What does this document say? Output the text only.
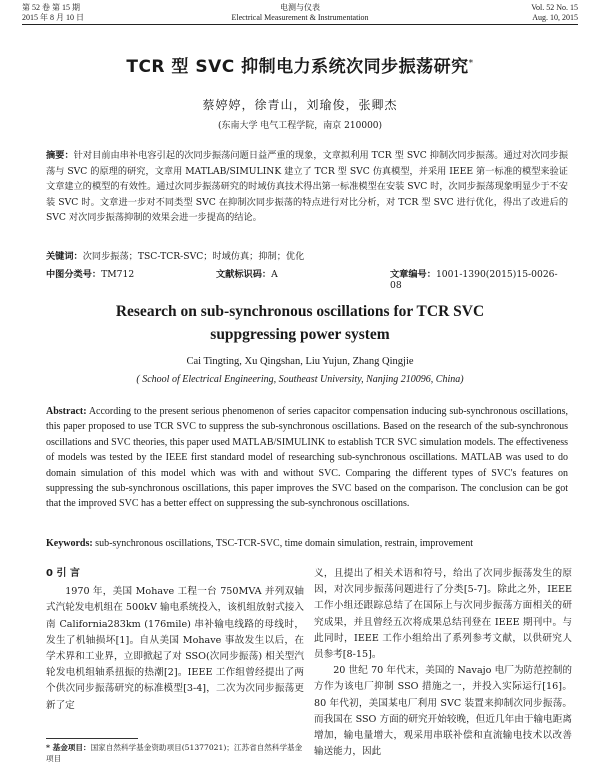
第 52 卷 第 15 期
2015 年 8 月 10 日
电测与仪表
Electrical Measurement & Instrumentation
Vol. 52 No. 15
Aug. 10, 2015
TCR 型 SVC 抑制电力系统次同步振荡研究*
蔡婷婷，徐青山，刘瑜俊，张卿杰
(东南大学 电气工程学院，南京 210000)
摘要：针对目前由串补电容引起的次同步振荡问题日益严重的现象，文章拟利用 TCR 型 SVC 抑制次同步振荡。通过对次同步振荡与 SVC 的原理的研究，文章用 MATLAB/SIMULINK 建立了 TCR 型 SVC 仿真模型，并采用 IEEE 第一标准的模型来验证文章建立的模型的有效性。通过次同步振荡研究的时域仿真技术得出第一标准模型在安装 SVC 时，次同步振荡现象明显少于不安装 SVC 时。文章进一步对不同类型 SVC 在抑制次同步振荡的特点进行对比分析，对 TCR 型 SVC 进行优化，得出了改进后的 SVC 对次同步振荡抑制的效果会进一步提高的结论。
关键词：次同步振荡；TSC-TCR-SVC；时域仿真；抑制；优化
中图分类号：TM712	文献标识码：A	文章编号：1001-1390(2015)15-0026-08
Research on sub-synchronous oscillations for TCR SVC
suppgressing power system
Cai Tingting, Xu Qingshan, Liu Yujun, Zhang Qingjie
( School of Electrical Engineering, Southeast University, Nanjing 210096, China)
Abstract: According to the present serious phenomenon of series capacitor compensation inducing sub-synchronous oscillations, this paper proposed to use TCR SVC to suppress the sub-synchronous oscillations. Based on the research of the sub-synchronous oscillations and SVC theories, this paper used MATLAB/SIMULINK to establish TCR SVC simulation models. The effectiveness of models was tested by the IEEE first standard model of researching sub-synchronous oscillations. MATLAB was used to do domain simulation of this model which was with and without SVC. Comparing the different types of SVC's features on suppressing the sub-synchronous oscillations, this paper improves the SVC based on the comparison. The conclusion can be got that the improved SVC has a better effect on suppressing the sub-synchronous oscillations.
Keywords: sub-synchronous oscillations, TSC-TCR-SVC, time domain simulation, restrain, improvement
0 引 言

1970 年，美国 Mohave 工程一台 750MVA 并列双轴式汽轮发电机组在 500kV 输电系统投入，该机组放射式接入南 California283km (176mile) 串补输电线路的母线时，发生了机轴损坏[1]。自从美国 Mohave 事故发生以后，在学术界和工业界，立即掀起了对 SSO(次同步振荡) 相关型汽轮发电机组轴系扭振的热潮[2]。IEEE 工作组曾经提出了两个供次同步振荡研究的标准模型[3-4]，二次为次同步振荡更新了定

义，且提出了相关术语和符号，给出了次同步振荡发生的原因，对次同步振荡问题进行了分类[5-7]。除此之外，IEEE 工作小组还跟踪总结了在国际上与次同步振荡方面相关的研究成果，并且曾经五次将成果总结刊登在 IEEE 期刊中。与此同时，IEEE 工作小组给出了系列参考文献，以供研究人员参考[8-15]。

20 世纪 70 年代末，美国的 Navajo 电厂为防范控制的方作为该电厂抑制 SSO 措施之一，并投入实际运行[16]。80 年代初，美国某电厂利用 SVC 装置来抑制次同步振荡。而我国在 SSO 方面的研究开始较晚，但近几年由于输电距离增加，输电量增大，观采用串联补偿和直流输电技术以改善输送能力，因此

* 基金项目：国家自然科学基金资助项目(51377021)；江苏省自然科学基金项目
